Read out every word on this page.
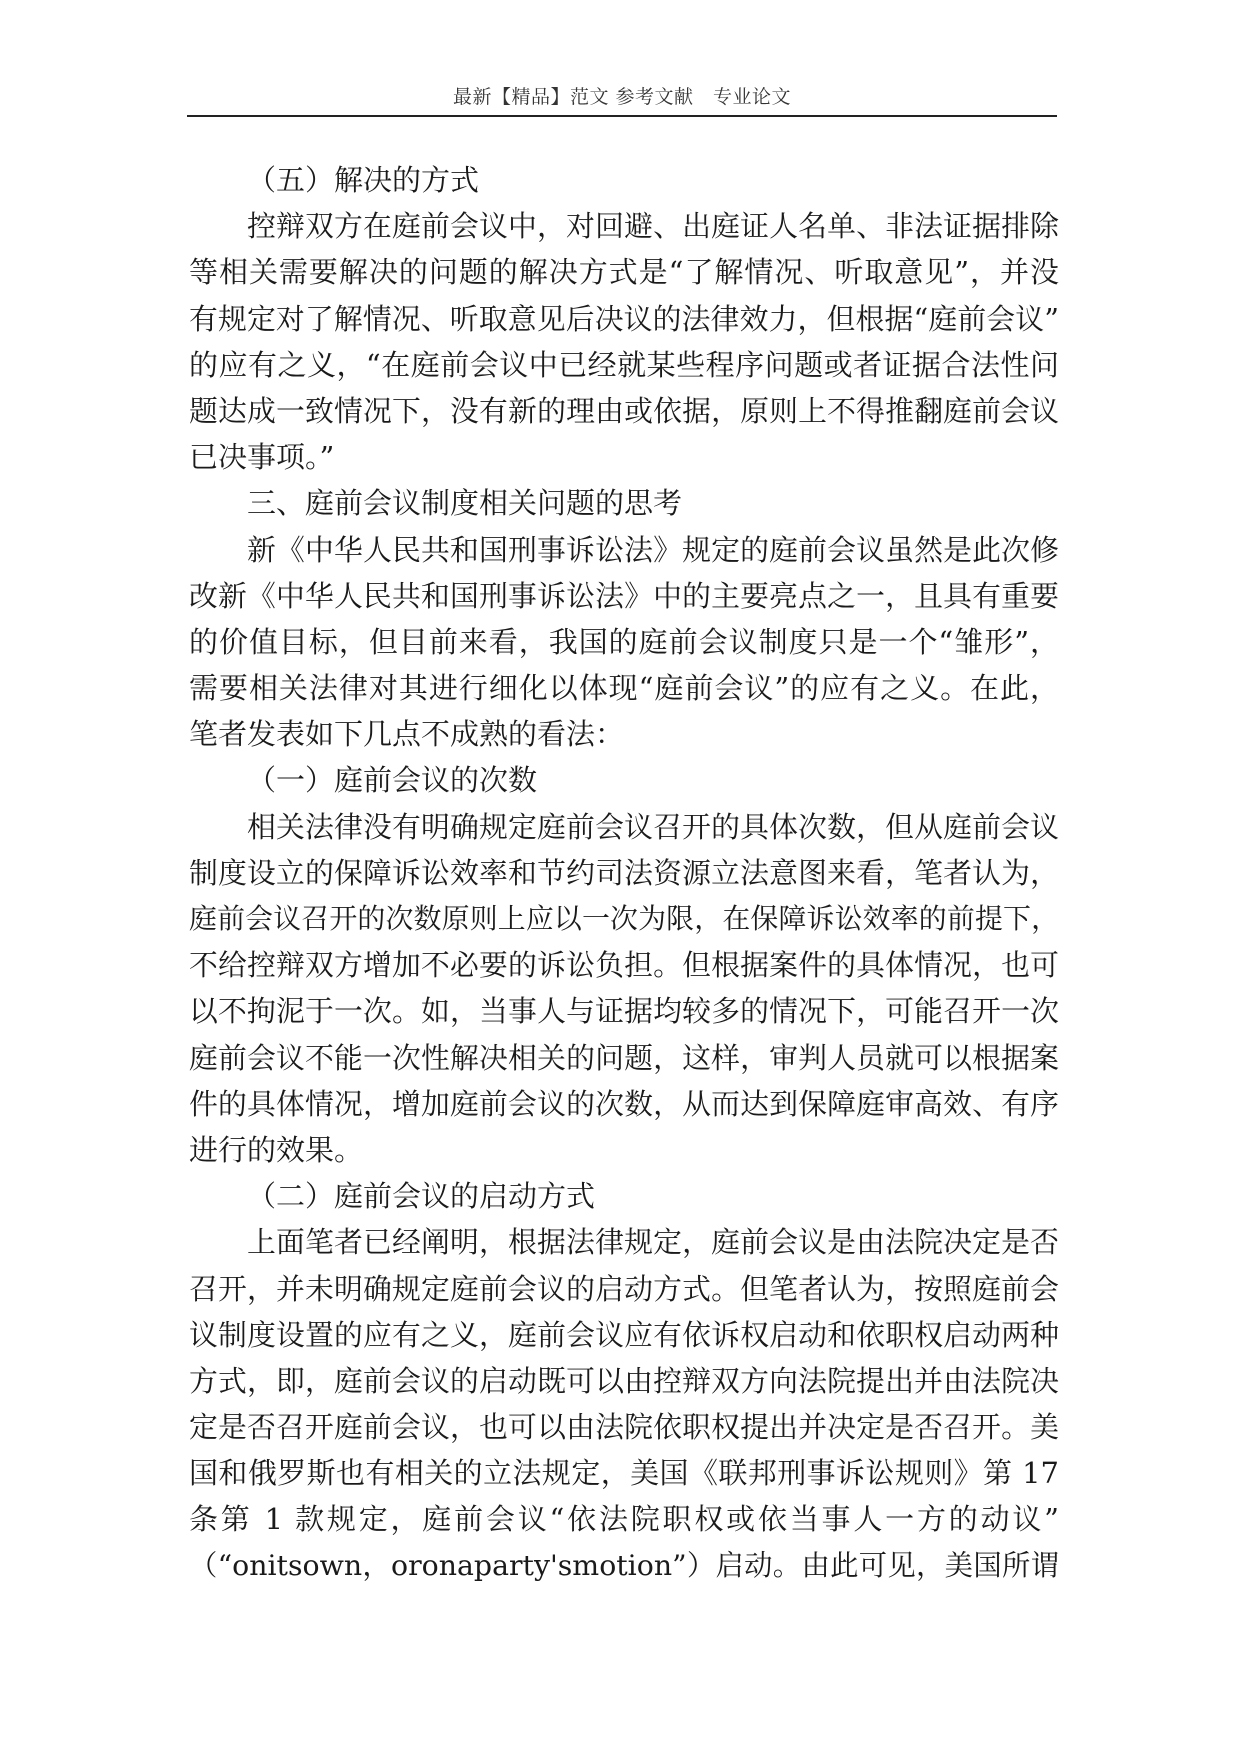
最新【精品】范文 参考文献　专业论文
（五）解决的方式
控辩双方在庭前会议中，对回避、出庭证人名单、非法证据排除
等相关需要解决的问题的解决方式是“了解情况、听取意见”，并没
有规定对了解情况、听取意见后决议的法律效力，但根据“庭前会议”
的应有之义，“在庭前会议中已经就某些程序问题或者证据合法性问
题达成一致情况下，没有新的理由或依据，原则上不得推翻庭前会议
已决事项。”
三、庭前会议制度相关问题的思考
新《中华人民共和国刑事诉讼法》规定的庭前会议虽然是此次修
改新《中华人民共和国刑事诉讼法》中的主要亮点之一，且具有重要
的价值目标，但目前来看，我国的庭前会议制度只是一个“雏形”，
需要相关法律对其进行细化以体现“庭前会议”的应有之义。在此，
笔者发表如下几点不成熟的看法：
（一）庭前会议的次数
相关法律没有明确规定庭前会议召开的具体次数，但从庭前会议
制度设立的保障诉讼效率和节约司法资源立法意图来看，笔者认为，
庭前会议召开的次数原则上应以一次为限，在保障诉讼效率的前提下，
不给控辩双方增加不必要的诉讼负担。但根据案件的具体情况，也可
以不拘泥于一次。如，当事人与证据均较多的情况下，可能召开一次
庭前会议不能一次性解决相关的问题，这样，审判人员就可以根据案
件的具体情况，增加庭前会议的次数，从而达到保障庭审高效、有序
进行的效果。
（二）庭前会议的启动方式
上面笔者已经阐明，根据法律规定，庭前会议是由法院决定是否
召开，并未明确规定庭前会议的启动方式。但笔者认为，按照庭前会
议制度设置的应有之义，庭前会议应有依诉权启动和依职权启动两种
方式，即，庭前会议的启动既可以由控辩双方向法院提出并由法院决
定是否召开庭前会议，也可以由法院依职权提出并决定是否召开。美
国和俄罗斯也有相关的立法规定，美国《联邦刑事诉讼规则》第 17
条第 1 款规定，庭前会议“依法院职权或依当事人一方的动议”
（“onitsown，oronaparty'smotion”）启动。由此可见，美国所谓
